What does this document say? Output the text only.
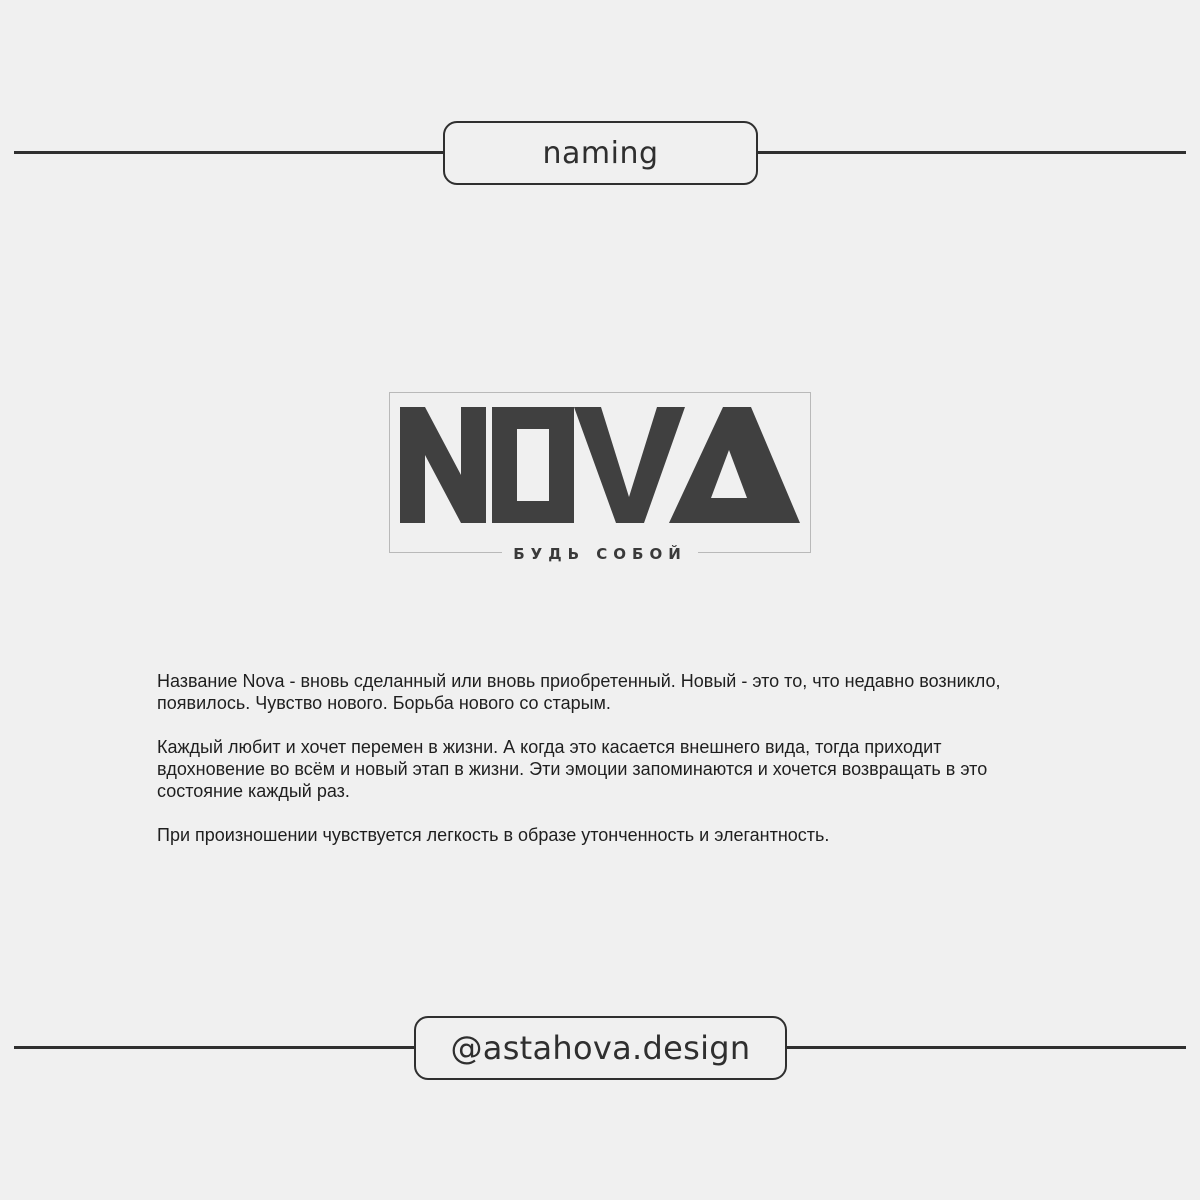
naming
БУДЬ СОБОЙ

Название Nova - вновь сделанный или вновь приобретенный. Новый - это то, что недавно возникло, появилось. Чувство нового. Борьба нового со старым.

Каждый любит и хочет перемен в жизни. А когда это касается внешнего вида, тогда приходит вдохновение во всём и новый этап в жизни. Эти эмоции запоминаются и хочется возвращать в это состояние каждый раз.

При произношении чувствуется легкость в образе утонченность и элегантность.

@astahova.design
